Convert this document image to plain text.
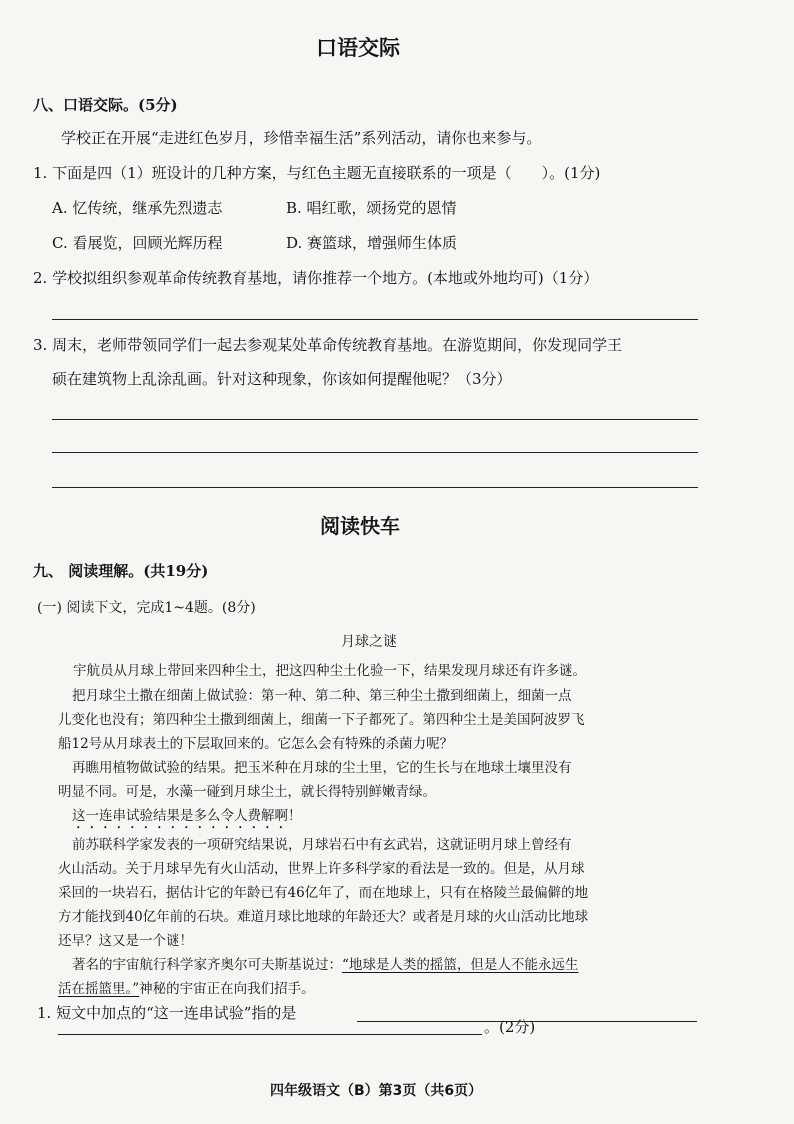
口语交际
八、口语交际。(5分)
学校正在开展“走进红色岁月，珍惜幸福生活”系列活动，请你也来参与。
1. 下面是四（1）班设计的几种方案，与红色主题无直接联系的一项是（　　）。(1分)
A. 忆传统，继承先烈遗志	B. 唱红歌，颂扬党的恩情
C. 看展览，回顾光辉历程	D. 赛篮球，增强师生体质
2. 学校拟组织参观革命传统教育基地，请你推荐一个地方。(本地或外地均可)（1分）
3. 周末，老师带领同学们一起去参观某处革命传统教育基地。在游览期间，你发现同学王
硕在建筑物上乱涂乱画。针对这种现象，你该如何提醒他呢？（3分）
阅读快车
九、 阅读理解。(共19分)
(一) 阅读下文，完成1~4题。(8分)
月球之谜
宇航员从月球上带回来四种尘土，把这四种尘土化验一下，结果发现月球还有许多谜。
把月球尘土撒在细菌上做试验：第一种、第二种、第三种尘土撒到细菌上，细菌一点
儿变化也没有；第四种尘土撒到细菌上，细菌一下子都死了。第四种尘土是美国阿波罗飞
船12号从月球表土的下层取回来的。它怎么会有特殊的杀菌力呢？
再瞧用植物做试验的结果。把玉米种在月球的尘土里，它的生长与在地球土壤里没有
明显不同。可是，水藻一碰到月球尘土，就长得特别鲜嫩青绿。
这一连串试验结果是多么令人费解啊！
前苏联科学家发表的一项研究结果说，月球岩石中有玄武岩，这就证明月球上曾经有
火山活动。关于月球早先有火山活动，世界上许多科学家的看法是一致的。但是，从月球
采回的一块岩石，据估计它的年龄已有46亿年了，而在地球上，只有在格陵兰最偏僻的地
方才能找到40亿年前的石块。难道月球比地球的年龄还大？或者是月球的火山活动比地球
还早？这又是一个谜！
著名的宇宙航行科学家齐奥尔可夫斯基说过：“地球是人类的摇篮，但是人不能永远生
活在摇篮里。”神秘的宇宙正在向我们招手。
1. 短文中加点的“这一连串试验”指的是
。(2分)
四年级语文（B）第3页（共6页）
